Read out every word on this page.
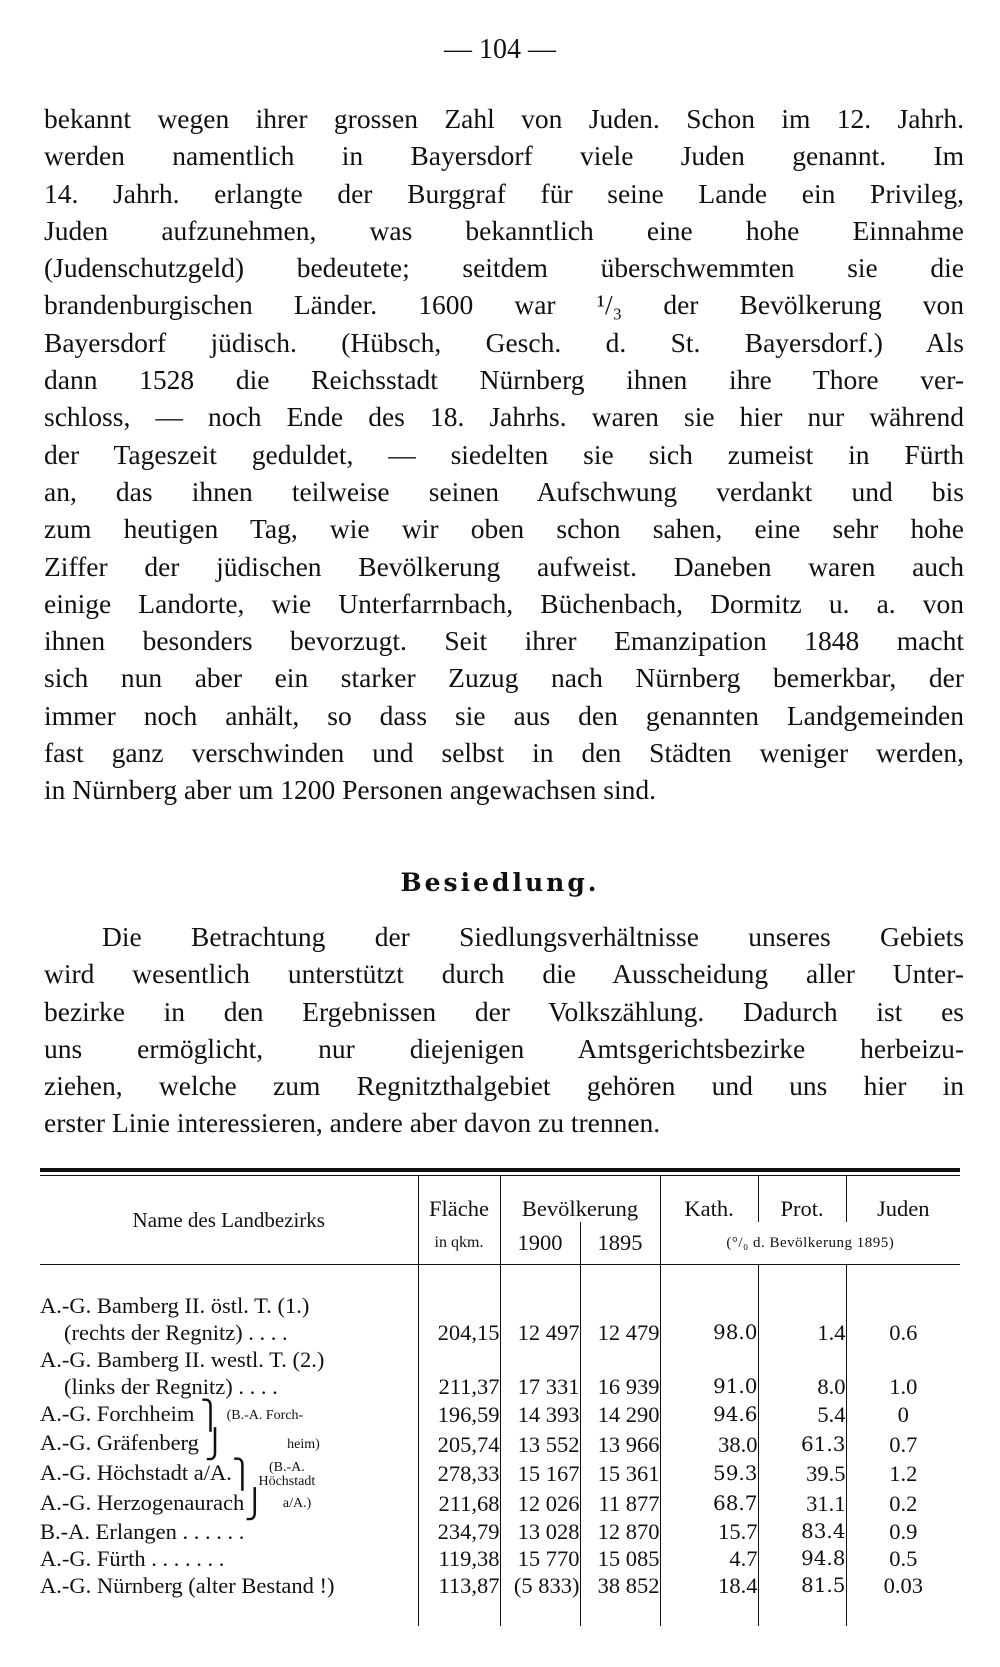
— 104 —
bekannt wegen ihrer grossen Zahl von Juden. Schon im 12. Jahrh.
werden namentlich in Bayersdorf viele Juden genannt. Im
14. Jahrh. erlangte der Burggraf für seine Lande ein Privileg,
Juden aufzunehmen, was bekanntlich eine hohe Einnahme
(Judenschutzgeld) bedeutete; seitdem überschwemmten sie die
brandenburgischen Länder. 1600 war ¹/₃ der Bevölkerung von
Bayersdorf jüdisch. (Hübsch, Gesch. d. St. Bayersdorf.) Als
dann 1528 die Reichsstadt Nürnberg ihnen ihre Thore ver-
schloss, — noch Ende des 18. Jahrhs. waren sie hier nur während
der Tageszeit geduldet, — siedelten sie sich zumeist in Fürth
an, das ihnen teilweise seinen Aufschwung verdankt und bis
zum heutigen Tag, wie wir oben schon sahen, eine sehr hohe
Ziffer der jüdischen Bevölkerung aufweist. Daneben waren auch
einige Landorte, wie Unterfarrnbach, Büchenbach, Dormitz u. a. von
ihnen besonders bevorzugt. Seit ihrer Emanzipation 1848 macht
sich nun aber ein starker Zuzug nach Nürnberg bemerkbar, der
immer noch anhält, so dass sie aus den genannten Landgemeinden
fast ganz verschwinden und selbst in den Städten weniger werden,
in Nürnberg aber um 1200 Personen angewachsen sind.
Besiedlung.
Die Betrachtung der Siedlungsverhältnisse unseres Gebiets
wird wesentlich unterstützt durch die Ausscheidung aller Unter-
bezirke in den Ergebnissen der Volkszählung. Dadurch ist es
uns ermöglicht, nur diejenigen Amtsgerichtsbezirke herbeizu-
ziehen, welche zum Regnitzthalgebiet gehören und uns hier in
erster Linie interessieren, andere aber davon zu trennen.
Name des Landbezirks	Fläche	Bevölkerung		Kath.	Prot.	Juden
	in qkm.	1900	1895	(°/₀ d. Bevölkerung 1895)		

A.-G. Bamberg II. östl. T. (1.)						
(rechts der Regnitz) . . . .	204,15	12 497	12 479	98.0	1.4	0.6
A.-G. Bamberg II. westl. T. (2.)						
(links der Regnitz) . . . .	211,37	17 331	16 939	91.0	8.0	1.0
A.-G. Forchheim ⎫ (B.-A. Forch-	196,59	14 393	14 290	94.6	5.4	0
A.-G. Gräfenberg ⎭ heim)	205,74	13 552	13 966	38.0	61.3	0.7
A.-G. Höchstadt a/A.⎫ (B.-A.
Höchstadt	278,33	15 167	15 361	59.3	39.5	1.2
A.-G. Herzogenaurach⎭ a/A.)	211,68	12 026	11 877	68.7	31.1	0.2
B.-A. Erlangen . . . . . .	234,79	13 028	12 870	15.7	83.4	0.9
A.-G. Fürth . . . . . . .	119,38	15 770	15 085	4.7	94.8	0.5
A.-G. Nürnberg (alter Bestand !)	113,87	(5 833)	38 852	18.4	81.5	0.03
